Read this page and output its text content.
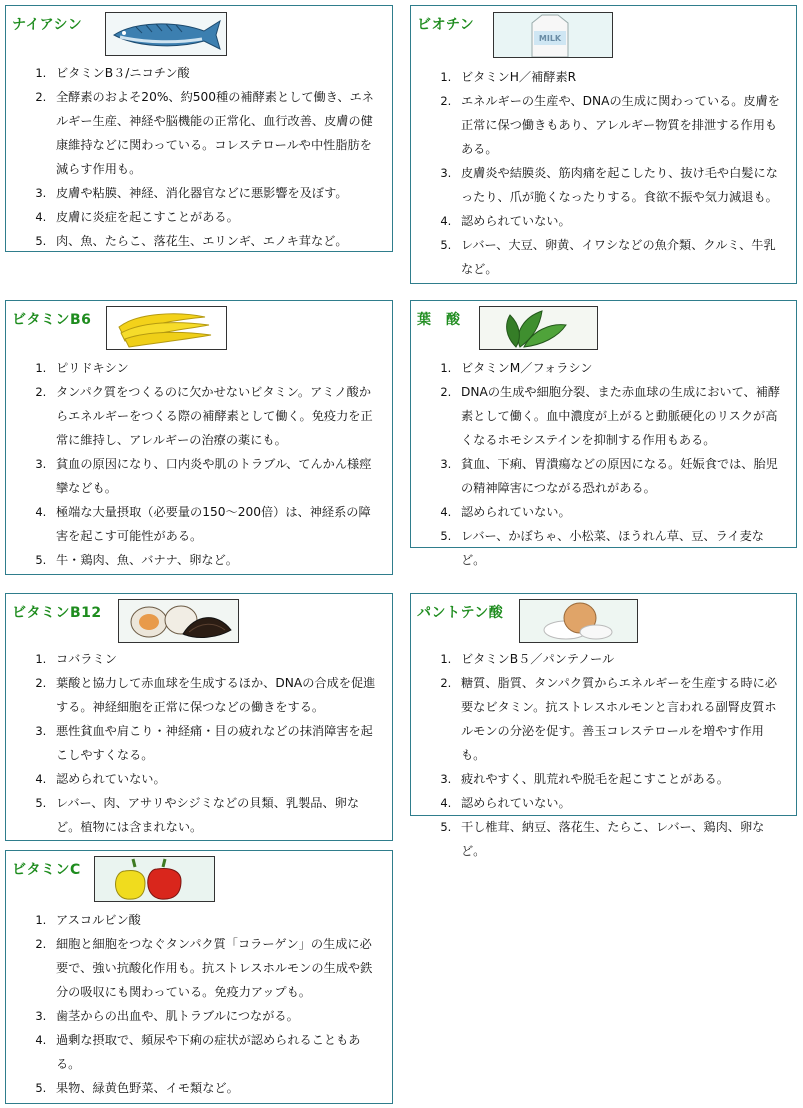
ナイアシン
1. ビタミンB３/ニコチン酸
2. 全酵素のおよそ20%、約500種の補酵素として働き、エネルギー生産、神経や脳機能の正常化、血行改善、皮膚の健康維持などに関わっている。コレステロールや中性脂肪を減らす作用も。
3. 皮膚や粘膜、神経、消化器官などに悪影響を及ぼす。
4. 皮膚に炎症を起こすことがある。
5. 肉、魚、たらこ、落花生、エリンギ、エノキ茸など。
ビオチン
MILK
1. ビタミンH／補酵素R
2. エネルギーの生産や、DNAの生成に関わっている。皮膚を正常に保つ働きもあり、アレルギー物質を排泄する作用もある。
3. 皮膚炎や結膜炎、筋肉痛を起こしたり、抜け毛や白髪になったり、爪が脆くなったりする。食欲不振や気力減退も。
4. 認められていない。
5. レバー、大豆、卵黄、イワシなどの魚介類、クルミ、牛乳など。
ビタミンB6
1. ピリドキシン
2. タンパク質をつくるのに欠かせないビタミン。アミノ酸からエネルギーをつくる際の補酵素として働く。免疫力を正常に維持し、アレルギーの治療の薬にも。
3. 貧血の原因になり、口内炎や肌のトラブル、てんかん様痙攣なども。
4. 極端な大量摂取（必要量の150～200倍）は、神経系の障害を起こす可能性がある。
5. 牛・鶏肉、魚、バナナ、卵など。
葉　酸
1. ビタミンM／フォラシン
2. DNAの生成や細胞分裂、また赤血球の生成において、補酵素として働く。血中濃度が上がると動脈硬化のリスクが高くなるホモシステインを抑制する作用もある。
3. 貧血、下痢、胃潰瘍などの原因になる。妊娠食では、胎児の精神障害につながる恐れがある。
4. 認められていない。
5. レバー、かぼちゃ、小松菜、ほうれん草、豆、ライ麦など。
ビタミンB12
1. コバラミン
2. 葉酸と協力して赤血球を生成するほか、DNAの合成を促進する。神経細胞を正常に保つなどの働きをする。
3. 悪性貧血や肩こり・神経痛・目の疲れなどの抹消障害を起こしやすくなる。
4. 認められていない。
5. レバー、肉、アサリやシジミなどの貝類、乳製品、卵など。植物には含まれない。
パントテン酸
1. ビタミンB５／パンテノール
2. 糖質、脂質、タンパク質からエネルギーを生産する時に必要なビタミン。抗ストレスホルモンと言われる副腎皮質ホルモンの分泌を促す。善玉コレステロールを増やす作用も。
3. 疲れやすく、肌荒れや脱毛を起こすことがある。
4. 認められていない。
5. 干し椎茸、納豆、落花生、たらこ、レバー、鶏肉、卵など。
ビタミンC
1. アスコルビン酸
2. 細胞と細胞をつなぐタンパク質「コラーゲン」の生成に必要で、強い抗酸化作用も。抗ストレスホルモンの生成や鉄分の吸収にも関わっている。免疫力アップも。
3. 歯茎からの出血や、肌トラブルにつながる。
4. 過剰な摂取で、頻尿や下痢の症状が認められることもある。
5. 果物、緑黄色野菜、イモ類など。
